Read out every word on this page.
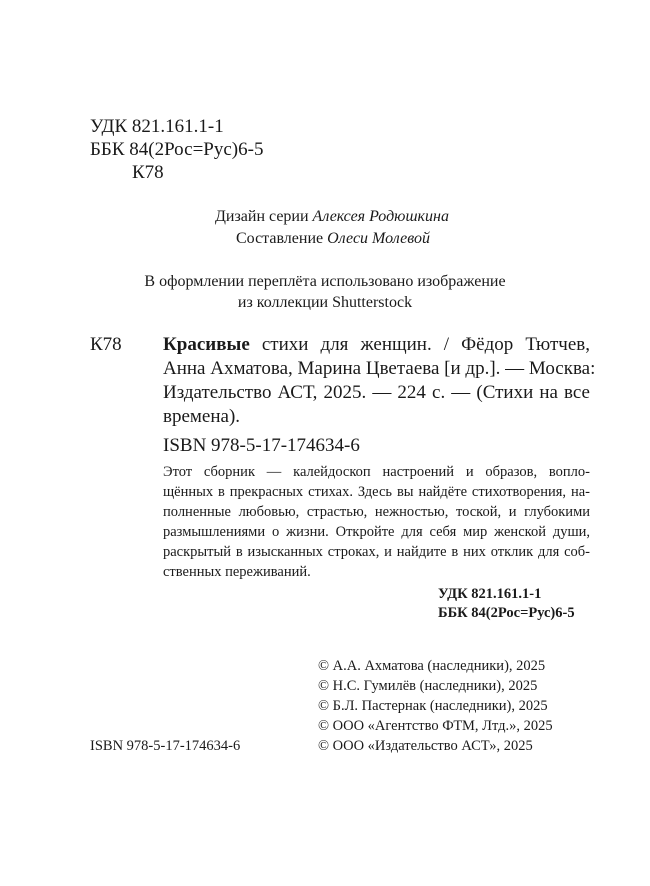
УДК 821.161.1-1
ББК 84(2Рос=Рус)6-5
К78
Дизайн серии Алексея Родюшкина
Составление Олеси Молевой
В оформлении переплёта использовано изображение
из коллекции Shutterstock
К78 Красивые стихи для женщин. / Фёдор Тютчев,
Анна Ахматова, Марина Цветаева [и др.]. — Москва:
Издательство АСТ, 2025. — 224 с. — (Стихи на все
времена).
ISBN 978-5-17-174634-6
Этот сборник — калейдоскоп настроений и образов, вопло-
щённых в прекрасных стихах. Здесь вы найдёте стихотворения, на-
полненные любовью, страстью, нежностью, тоской, и глубокими
размышлениями о жизни. Откройте для себя мир женской души,
раскрытый в изысканных строках, и найдите в них отклик для соб-
ственных переживаний.
УДК 821.161.1-1
ББК 84(2Рос=Рус)6-5
© А.А. Ахматова (наследники), 2025
© Н.С. Гумилёв (наследники), 2025
© Б.Л. Пастернак (наследники), 2025
© ООО «Агентство ФТМ, Лтд.», 2025
© ООО «Издательство АСТ», 2025
ISBN 978-5-17-174634-6
